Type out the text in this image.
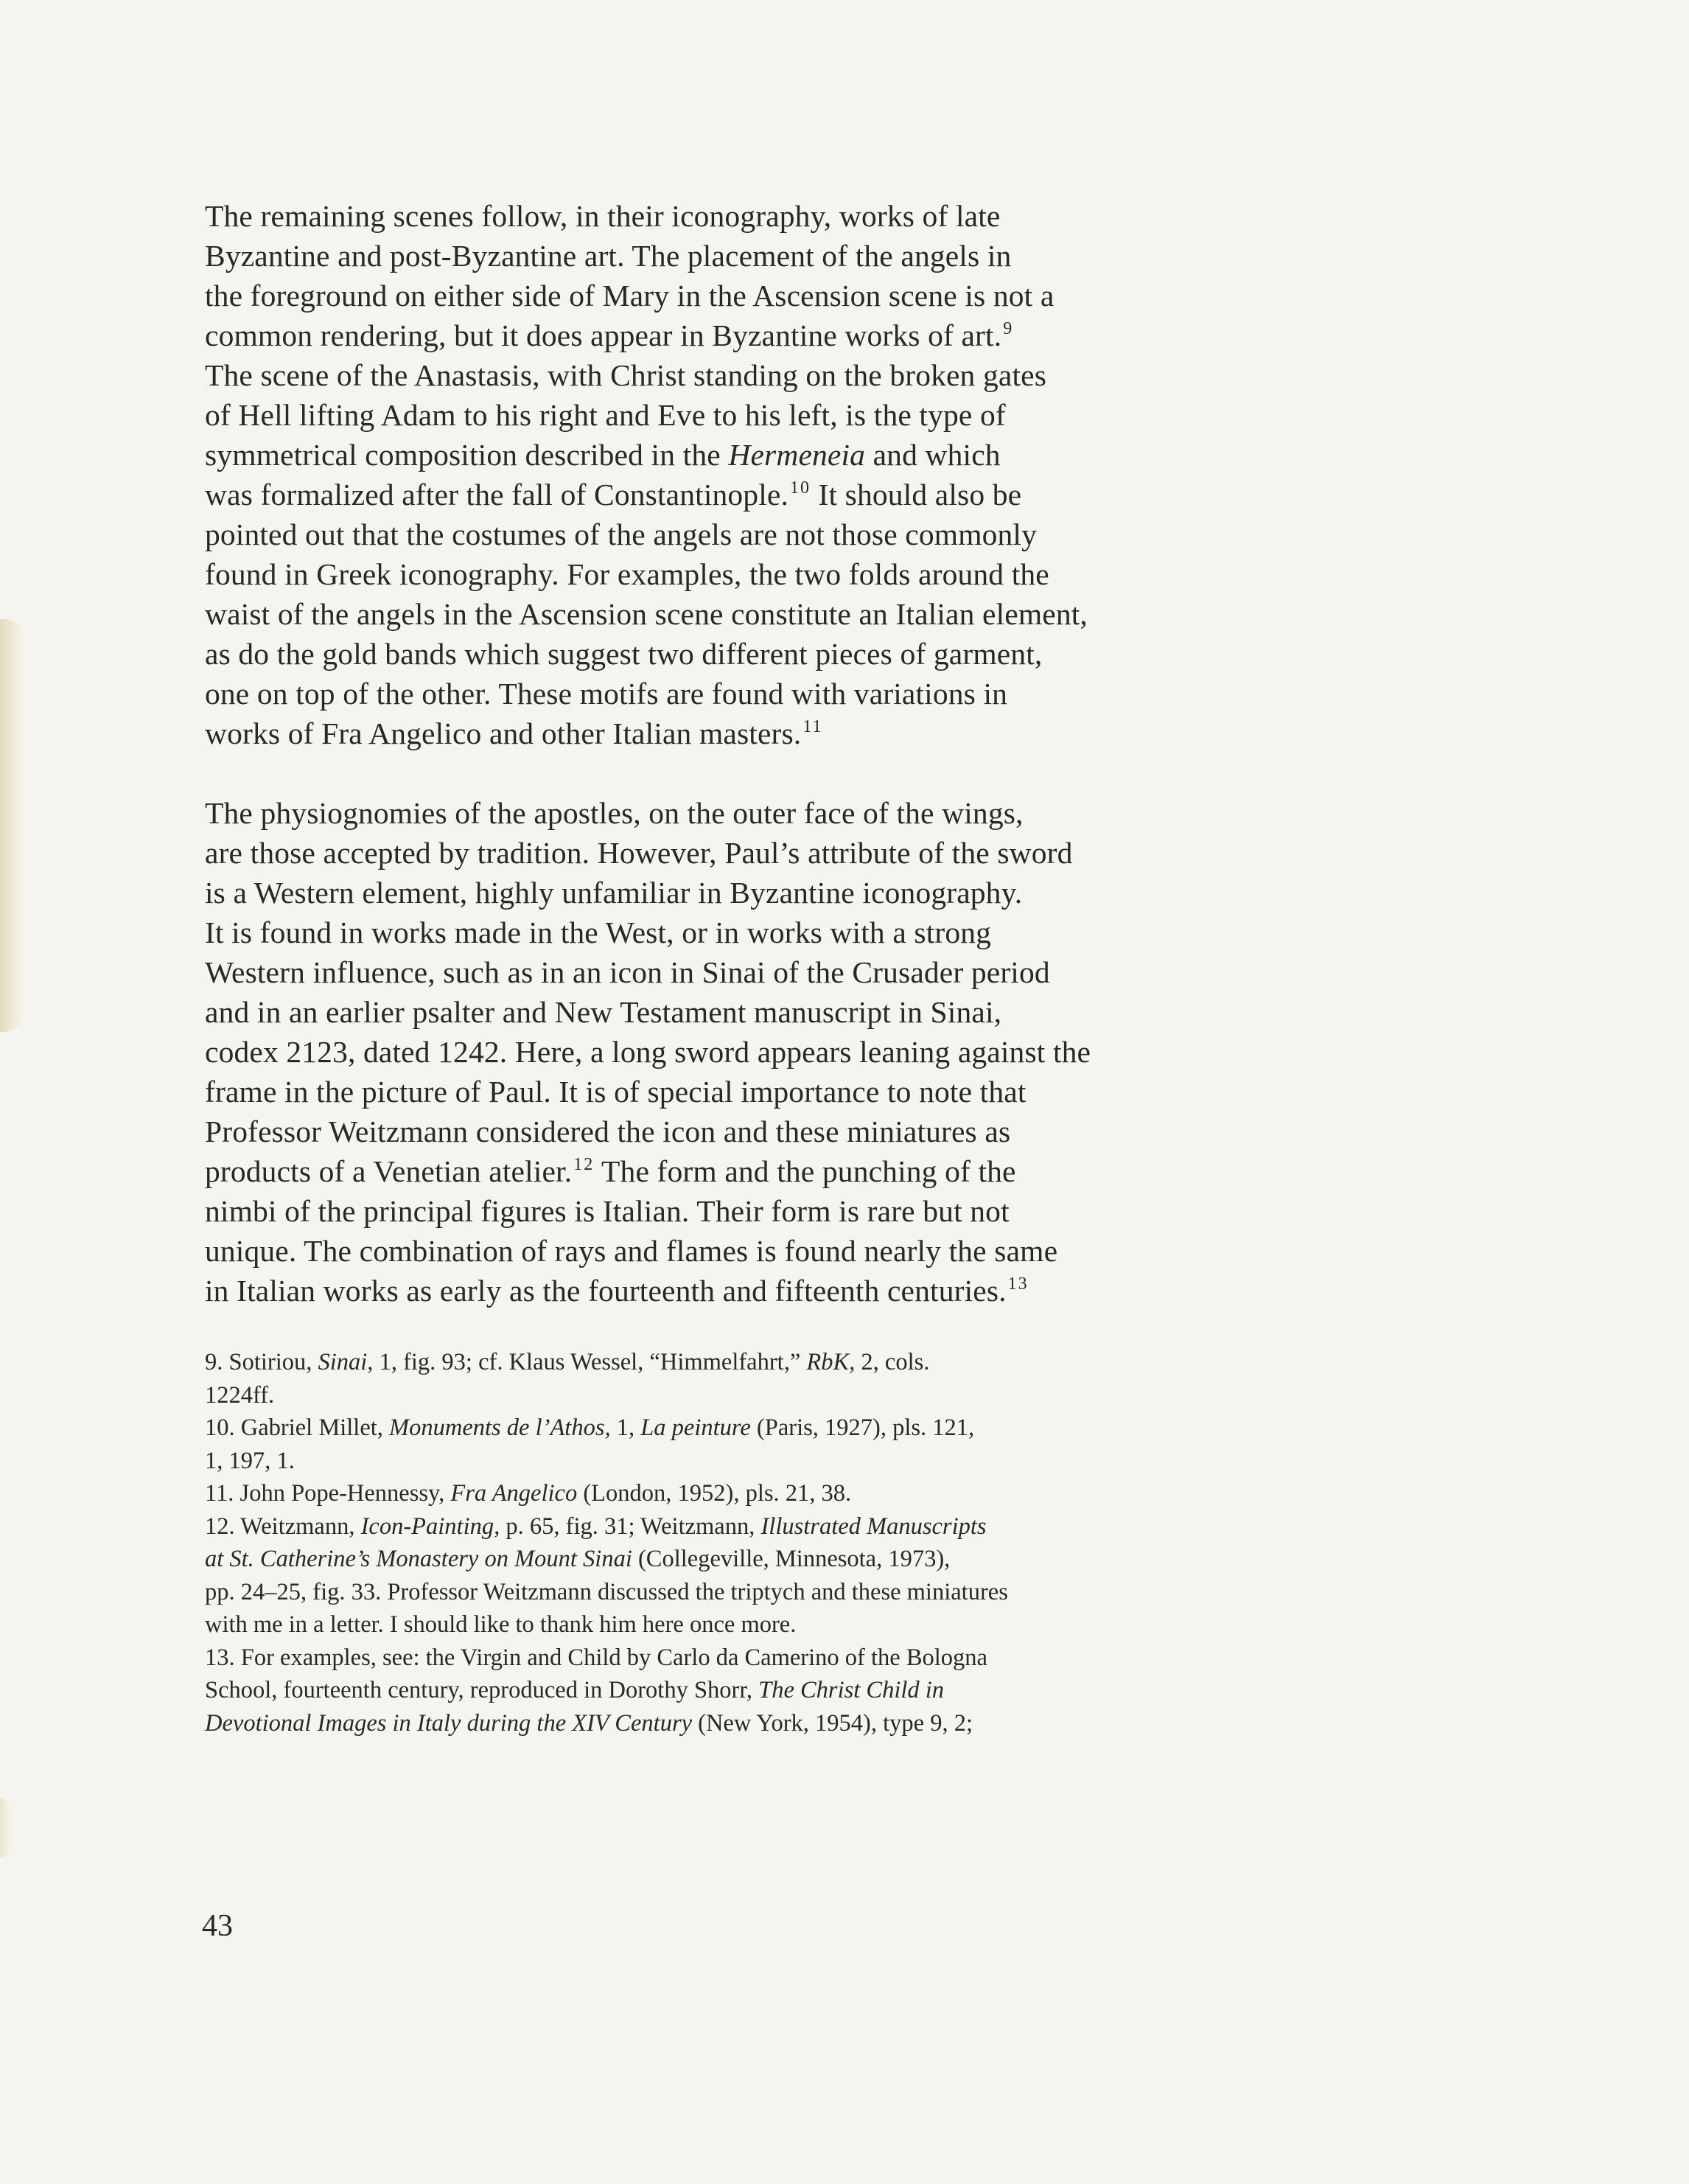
The remaining scenes follow, in their iconography, works of late
Byzantine and post-Byzantine art. The placement of the angels in
the foreground on either side of Mary in the Ascension scene is not a
common rendering, but it does appear in Byzantine works of art.$^9$
The scene of the Anastasis, with Christ standing on the broken gates
of Hell lifting Adam to his right and Eve to his left, is the type of
symmetrical composition described in the Hermeneia and which
was formalized after the fall of Constantinople.$^{10}$ It should also be
pointed out that the costumes of the angels are not those commonly
found in Greek iconography. For examples, the two folds around the
waist of the angels in the Ascension scene constitute an Italian element,
as do the gold bands which suggest two different pieces of garment,
one on top of the other. These motifs are found with variations in
works of Fra Angelico and other Italian masters.$^{11}$

The physiognomies of the apostles, on the outer face of the wings,
are those accepted by tradition. However, Paul’s attribute of the sword
is a Western element, highly unfamiliar in Byzantine iconography.
It is found in works made in the West, or in works with a strong
Western influence, such as in an icon in Sinai of the Crusader period
and in an earlier psalter and New Testament manuscript in Sinai,
codex 2123, dated 1242. Here, a long sword appears leaning against the
frame in the picture of Paul. It is of special importance to note that
Professor Weitzmann considered the icon and these miniatures as
products of a Venetian atelier.$^{12}$ The form and the punching of the
nimbi of the principal figures is Italian. Their form is rare but not
unique. The combination of rays and flames is found nearly the same
in Italian works as early as the fourteenth and fifteenth centuries.$^{13}$

9. Sotiriou, Sinai, 1, fig. 93; cf. Klaus Wessel, “Himmelfahrt,” RbK, 2, cols.
1224ff.

10. Gabriel Millet, Monuments de l’Athos, 1, La peinture (Paris, 1927), pls. 121,
1, 197, 1.

11. John Pope-Hennessy, Fra Angelico (London, 1952), pls. 21, 38.

12. Weitzmann, Icon-Painting, p. 65, fig. 31; Weitzmann, Illustrated Manuscripts
at St. Catherine’s Monastery on Mount Sinai (Collegeville, Minnesota, 1973),
pp. 24–25, fig. 33. Professor Weitzmann discussed the triptych and these miniatures
with me in a letter. I should like to thank him here once more.

13. For examples, see: the Virgin and Child by Carlo da Camerino of the Bologna
School, fourteenth century, reproduced in Dorothy Shorr, The Christ Child in
Devotional Images in Italy during the XIV Century (New York, 1954), type 9, 2;

43
